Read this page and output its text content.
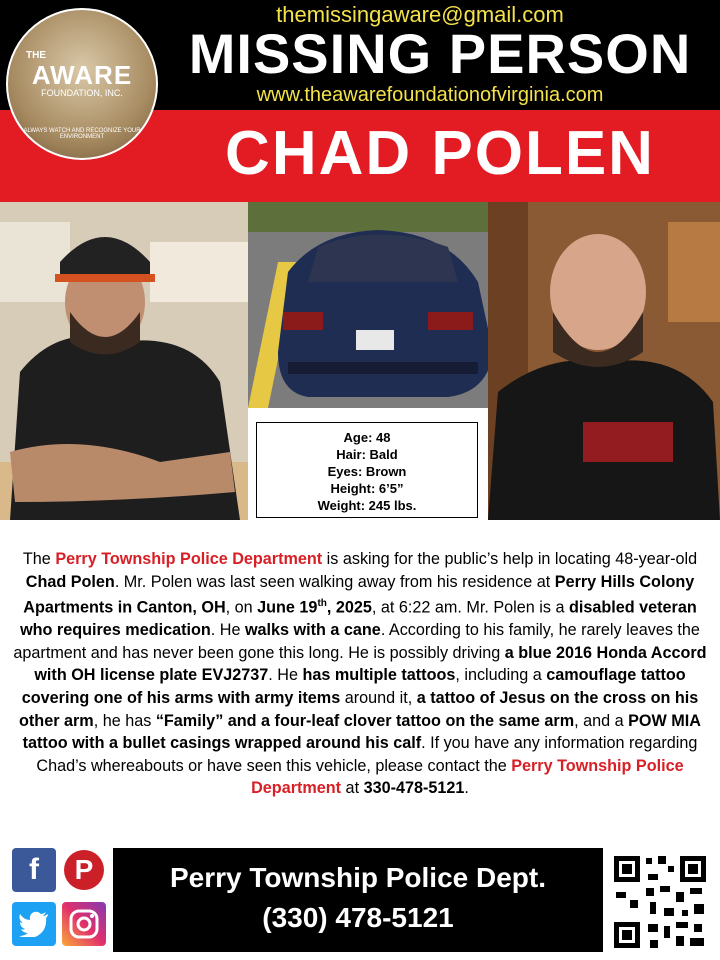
themissingaware@gmail.com
MISSING PERSON
www.theawarefoundationofvirginia.com
CHAD POLEN
THE
AWARE
FOUNDATION, INC.
ALWAYS WATCH AND RECOGNIZE YOUR ENVIRONMENT
Age: 48
Hair: Bald
Eyes: Brown
Height: 6’5”
Weight: 245 lbs.
The Perry Township Police Department is asking for the public’s help in locating 48-year-old Chad Polen. Mr. Polen was last seen walking away from his residence at Perry Hills Colony Apartments in Canton, OH, on June 19th, 2025, at 6:22 am. Mr. Polen is a disabled veteran who requires medication. He walks with a cane. According to his family, he rarely leaves the apartment and has never been gone this long. He is possibly driving a blue 2016 Honda Accord with OH license plate EVJ2737. He has multiple tattoos, including a camouflage tattoo covering one of his arms with army items around it, a tattoo of Jesus on the cross on his other arm, he has “Family” and a four-leaf clover tattoo on the same arm, and a POW MIA tattoo with a bullet casings wrapped around his calf. If you have any information regarding Chad’s whereabouts or have seen this vehicle, please contact the Perry Township Police Department at 330-478-5121.
f	P	Perry Township Police Dept.
(330) 478-5121
